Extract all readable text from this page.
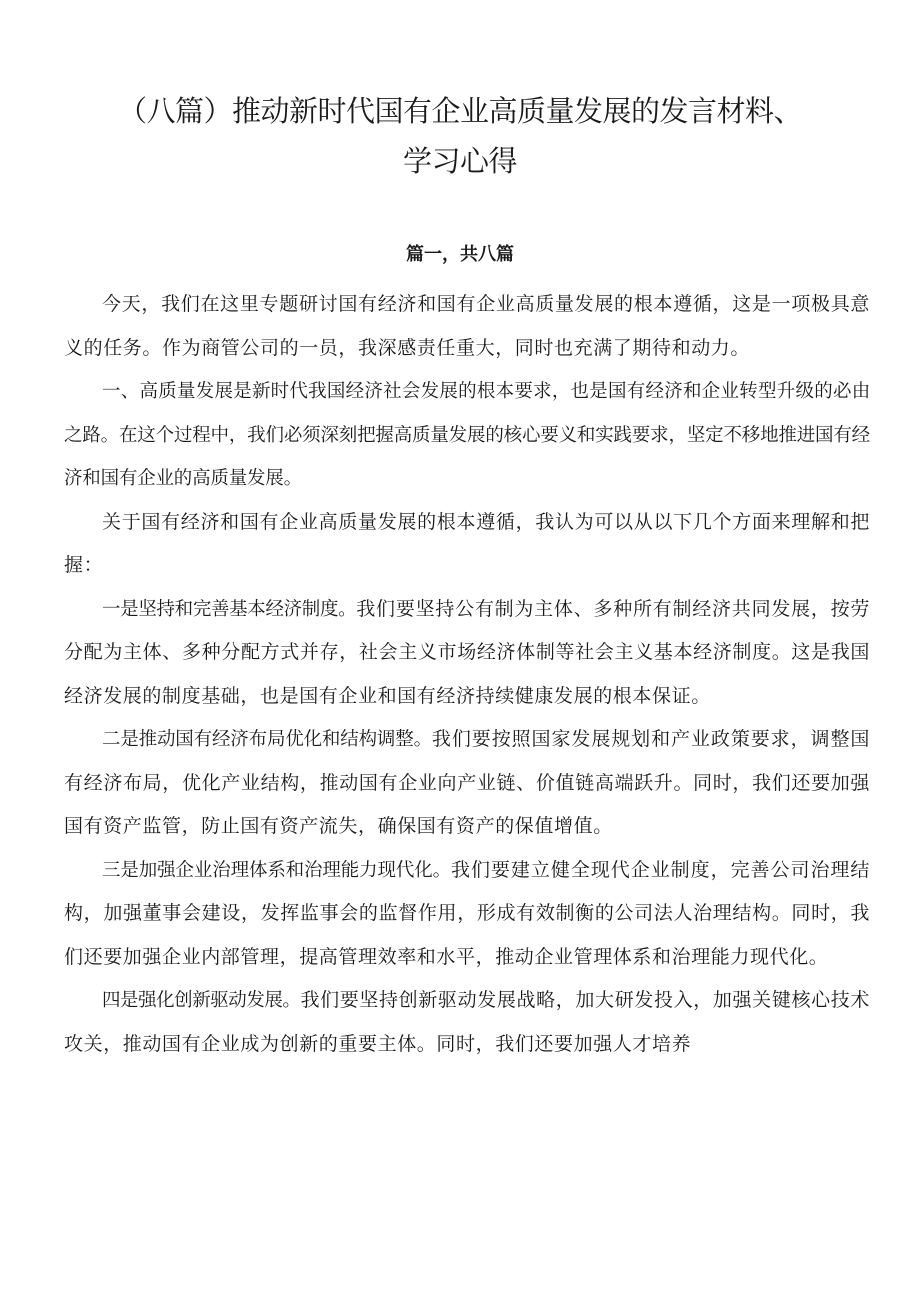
（八篇）推动新时代国有企业高质量发展的发言材料、
学习心得
篇一，共八篇

今天，我们在这里专题研讨国有经济和国有企业高质量发展的根本遵循，这是一项极具意义的任务。作为商管公司的一员，我深感责任重大，同时也充满了期待和动力。

一、高质量发展是新时代我国经济社会发展的根本要求，也是国有经济和企业转型升级的必由之路。在这个过程中，我们必须深刻把握高质量发展的核心要义和实践要求，坚定不移地推进国有经济和国有企业的高质量发展。

关于国有经济和国有企业高质量发展的根本遵循，我认为可以从以下几个方面来理解和把握：

一是坚持和完善基本经济制度。我们要坚持公有制为主体、多种所有制经济共同发展，按劳分配为主体、多种分配方式并存，社会主义市场经济体制等社会主义基本经济制度。这是我国经济发展的制度基础，也是国有企业和国有经济持续健康发展的根本保证。

二是推动国有经济布局优化和结构调整。我们要按照国家发展规划和产业政策要求，调整国有经济布局，优化产业结构，推动国有企业向产业链、价值链高端跃升。同时，我们还要加强国有资产监管，防止国有资产流失，确保国有资产的保值增值。

三是加强企业治理体系和治理能力现代化。我们要建立健全现代企业制度，完善公司治理结构，加强董事会建设，发挥监事会的监督作用，形成有效制衡的公司法人治理结构。同时，我们还要加强企业内部管理，提高管理效率和水平，推动企业管理体系和治理能力现代化。

四是强化创新驱动发展。我们要坚持创新驱动发展战略，加大研发投入，加强关键核心技术攻关，推动国有企业成为创新的重要主体。同时，我们还要加强人才培养
